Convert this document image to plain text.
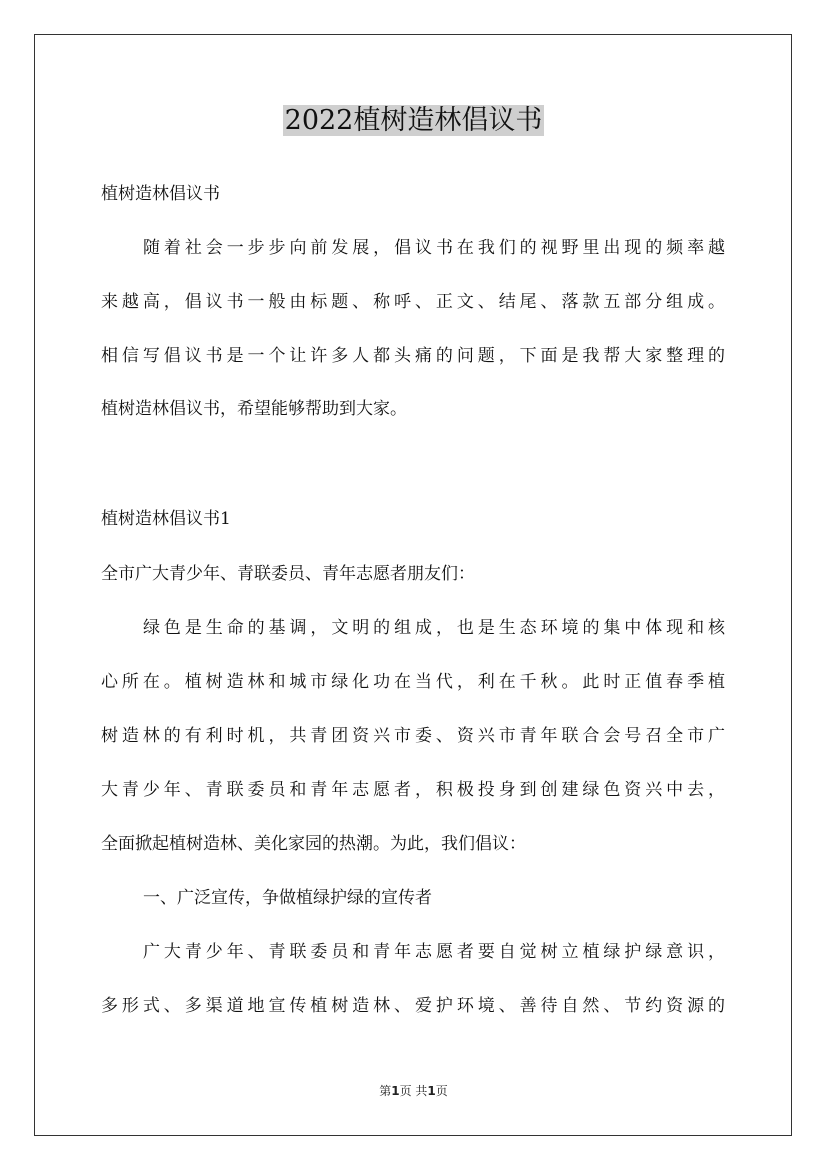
2022植树造林倡议书

植树造林倡议书

随着社会一步步向前发展，倡议书在我们的视野里出现的频率越

来越高，倡议书一般由标题、称呼、正文、结尾、落款五部分组成。

相信写倡议书是一个让许多人都头痛的问题，下面是我帮大家整理的

植树造林倡议书，希望能够帮助到大家。

植树造林倡议书1

全市广大青少年、青联委员、青年志愿者朋友们：

绿色是生命的基调，文明的组成，也是生态环境的集中体现和核

心所在。植树造林和城市绿化功在当代，利在千秋。此时正值春季植

树造林的有利时机，共青团资兴市委、资兴市青年联合会号召全市广

大青少年、青联委员和青年志愿者，积极投身到创建绿色资兴中去，

全面掀起植树造林、美化家园的热潮。为此，我们倡议：

一、广泛宣传，争做植绿护绿的宣传者

广大青少年、青联委员和青年志愿者要自觉树立植绿护绿意识，

多形式、多渠道地宣传植树造林、爱护环境、善待自然、节约资源的

第1页 共1页
